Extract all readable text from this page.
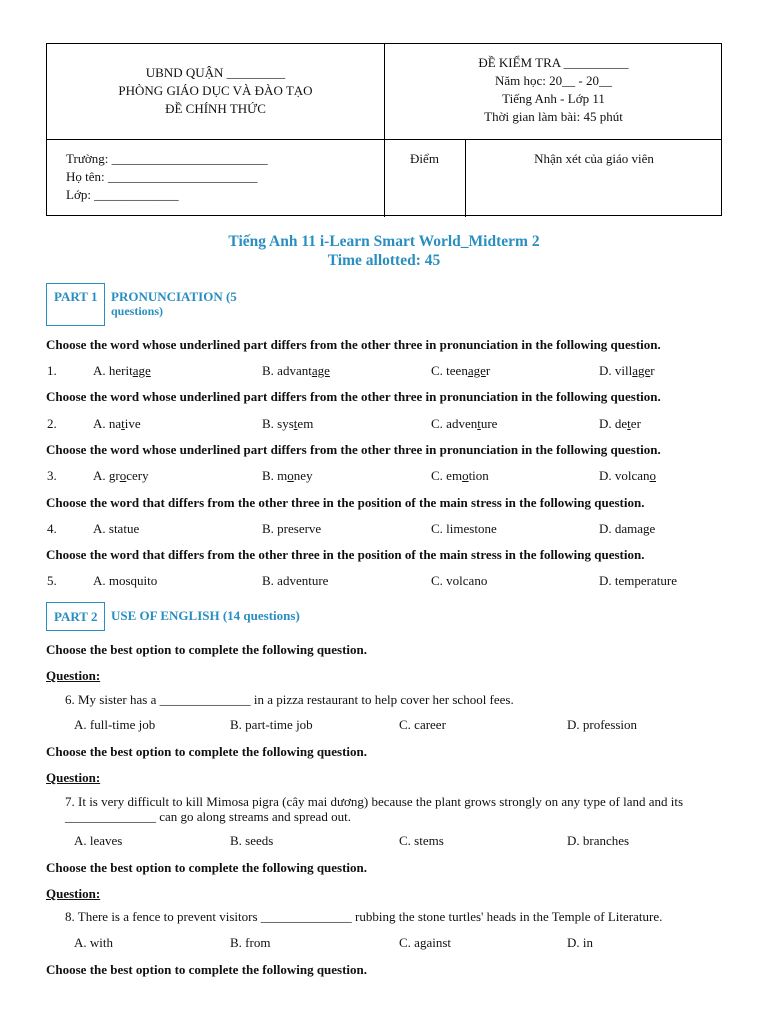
UBND QUẬN _________
PHÒNG GIÁO DỤC VÀ ĐÀO TẠO
ĐỀ CHÍNH THỨC
ĐỀ KIỂM TRA __________
Năm học: 20__ - 20__
Tiếng Anh - Lớp 11
Thời gian làm bài: 45 phút
Trường: ________________________
Họ tên: _______________________
Lớp: _____________
Điểm	Nhận xét của giáo viên
Tiếng Anh 11 i-Learn Smart World_Midterm 2
Time allotted: 45
PART 1	PRONUNCIATION (5
questions)
Choose the word whose underlined part differs from the other three in pronunciation in the following question.
1.	A. heritage	B. advantage	C. teenager	D. villager
Choose the word whose underlined part differs from the other three in pronunciation in the following question.
2.	A. native	B. system	C. adventure	D. deter
Choose the word whose underlined part differs from the other three in pronunciation in the following question.
3.	A. grocery	B. money	C. emotion	D. volcano
Choose the word that differs from the other three in the position of the main stress in the following question.
4.	A. statue	B. preserve	C. limestone	D. damage
Choose the word that differs from the other three in the position of the main stress in the following question.
5.	A. mosquito	B. adventure	C. volcano	D. temperature
PART 2	USE OF ENGLISH (14 questions)
Choose the best option to complete the following question.
Question:
6. My sister has a ______________ in a pizza restaurant to help cover her school fees.
A. full-time job	B. part-time job	C. career	D. profession
Choose the best option to complete the following question.
Question:
7. It is very difficult to kill Mimosa pigra (cây mai dương) because the plant grows strongly on any type of land and its ______________ can go along streams and spread out.
A. leaves	B. seeds	C. stems	D. branches
Choose the best option to complete the following question.
Question:
8. There is a fence to prevent visitors ______________ rubbing the stone turtles' heads in the Temple of Literature.
A. with	B. from	C. against	D. in
Choose the best option to complete the following question.
